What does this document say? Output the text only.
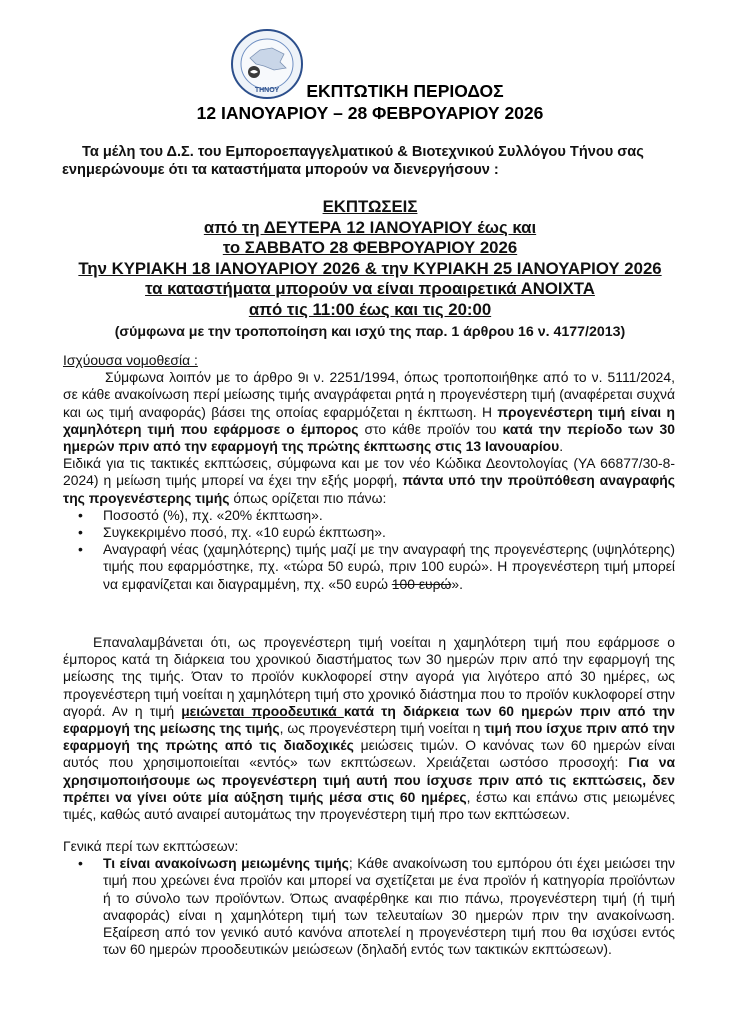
ΤΗΝΟΥ	ΕΚΠΤΩΤΙΚΗ ΠΕΡΙΟΔΟΣ
12 ΙΑΝΟΥΑΡΙΟΥ – 28 ΦΕΒΡΟΥΑΡΙΟΥ 2026
Τα μέλη του Δ.Σ. του Εμποροεπαγγελματικού & Βιοτεχνικού Συλλόγου Τήνου σας
ενημερώνουμε ότι τα καταστήματα μπορούν να διενεργήσουν :
ΕΚΠΤΩΣΕΙΣ
από τη ΔΕΥΤΕΡΑ 12 ΙΑΝΟΥΑΡΙΟΥ έως και
το ΣΑΒΒΑΤΟ 28 ΦΕΒΡΟΥΑΡΙΟΥ 2026
Την ΚΥΡΙΑΚΗ 18 ΙΑΝΟΥΑΡΙΟΥ 2026 & την ΚΥΡΙΑΚΗ 25 ΙΑΝΟΥΑΡΙΟΥ 2026
τα καταστήματα μπορούν να είναι προαιρετικά ΑΝΟΙΧΤΑ
από τις 11:00 έως και τις 20:00
(σύμφωνα με την τροποποίηση και ισχύ της παρ. 1 άρθρου 16 ν. 4177/2013)

Ισχύουσα νομοθεσία :

Σύμφωνα λοιπόν με το άρθρο 9ι ν. 2251/1994, όπως τροποποιήθηκε από το ν. 5111/2024, σε κάθε ανακοίνωση περί μείωσης τιμής αναγράφεται ρητά η προγενέστερη τιμή (αναφέρεται συχνά και ως τιμή αναφοράς) βάσει της οποίας εφαρμόζεται η έκπτωση. Η προγενέστερη τιμή είναι η χαμηλότερη τιμή που εφάρμοσε ο έμπορος στο κάθε προϊόν του κατά την περίοδο των 30 ημερών πριν από την εφαρμογή της πρώτης έκπτωσης στις 13 Ιανουαρίου.

Ειδικά για τις τακτικές εκπτώσεις, σύμφωνα και με τον νέο Κώδικα Δεοντολογίας (ΥΑ 66877/30-8-2024) η μείωση τιμής μπορεί να έχει την εξής μορφή, πάντα υπό την προϋπόθεση αναγραφής της προγενέστερης τιμής όπως ορίζεται πιο πάνω:

• Ποσοστό (%), πχ. «20% έκπτωση».
• Συγκεκριμένο ποσό, πχ. «10 ευρώ έκπτωση».
• Αναγραφή νέας (χαμηλότερης) τιμής μαζί με την αναγραφή της προγενέστερης (υψηλότερης) τιμής που εφαρμόστηκε, πχ. «τώρα 50 ευρώ, πριν 100 ευρώ». Η προγενέστερη τιμή μπορεί να εμφανίζεται και διαγραμμένη, πχ. «50 ευρώ 100 ευρώ».

Επαναλαμβάνεται ότι, ως προγενέστερη τιμή νοείται η χαμηλότερη τιμή που εφάρμοσε ο έμπορος κατά τη διάρκεια του χρονικού διαστήματος των 30 ημερών πριν από την εφαρμογή της μείωσης της τιμής. Όταν το προϊόν κυκλοφορεί στην αγορά για λιγότερο από 30 ημέρες, ως προγενέστερη τιμή νοείται η χαμηλότερη τιμή στο χρονικό διάστημα που το προϊόν κυκλοφορεί στην αγορά. Αν η τιμή μειώνεται προοδευτικά κατά τη διάρκεια των 60 ημερών πριν από την εφαρμογή της μείωσης της τιμής, ως προγενέστερη τιμή νοείται η τιμή που ίσχυε πριν από την εφαρμογή της πρώτης από τις διαδοχικές μειώσεις τιμών. Ο κανόνας των 60 ημερών είναι αυτός που χρησιμοποιείται «εντός» των εκπτώσεων. Χρειάζεται ωστόσο προσοχή: Για να χρησιμοποιήσουμε ως προγενέστερη τιμή αυτή που ίσχυσε πριν από τις εκπτώσεις, δεν πρέπει να γίνει ούτε μία αύξηση τιμής μέσα στις 60 ημέρες, έστω και επάνω στις μειωμένες τιμές, καθώς αυτό αναιρεί αυτομάτως την προγενέστερη τιμή προ των εκπτώσεων.

Γενικά περί των εκπτώσεων:

• Τι είναι ανακοίνωση μειωμένης τιμής; Κάθε ανακοίνωση του εμπόρου ότι έχει μειώσει την τιμή που χρεώνει ένα προϊόν και μπορεί να σχετίζεται με ένα προϊόν ή κατηγορία προϊόντων ή το σύνολο των προϊόντων. Όπως αναφέρθηκε και πιο πάνω, προγενέστερη τιμή (ή τιμή αναφοράς) είναι η χαμηλότερη τιμή των τελευταίων 30 ημερών πριν την ανακοίνωση. Εξαίρεση από τον γενικό αυτό κανόνα αποτελεί η προγενέστερη τιμή που θα ισχύσει εντός των 60 ημερών προοδευτικών μειώσεων (δηλαδή εντός των τακτικών εκπτώσεων).
